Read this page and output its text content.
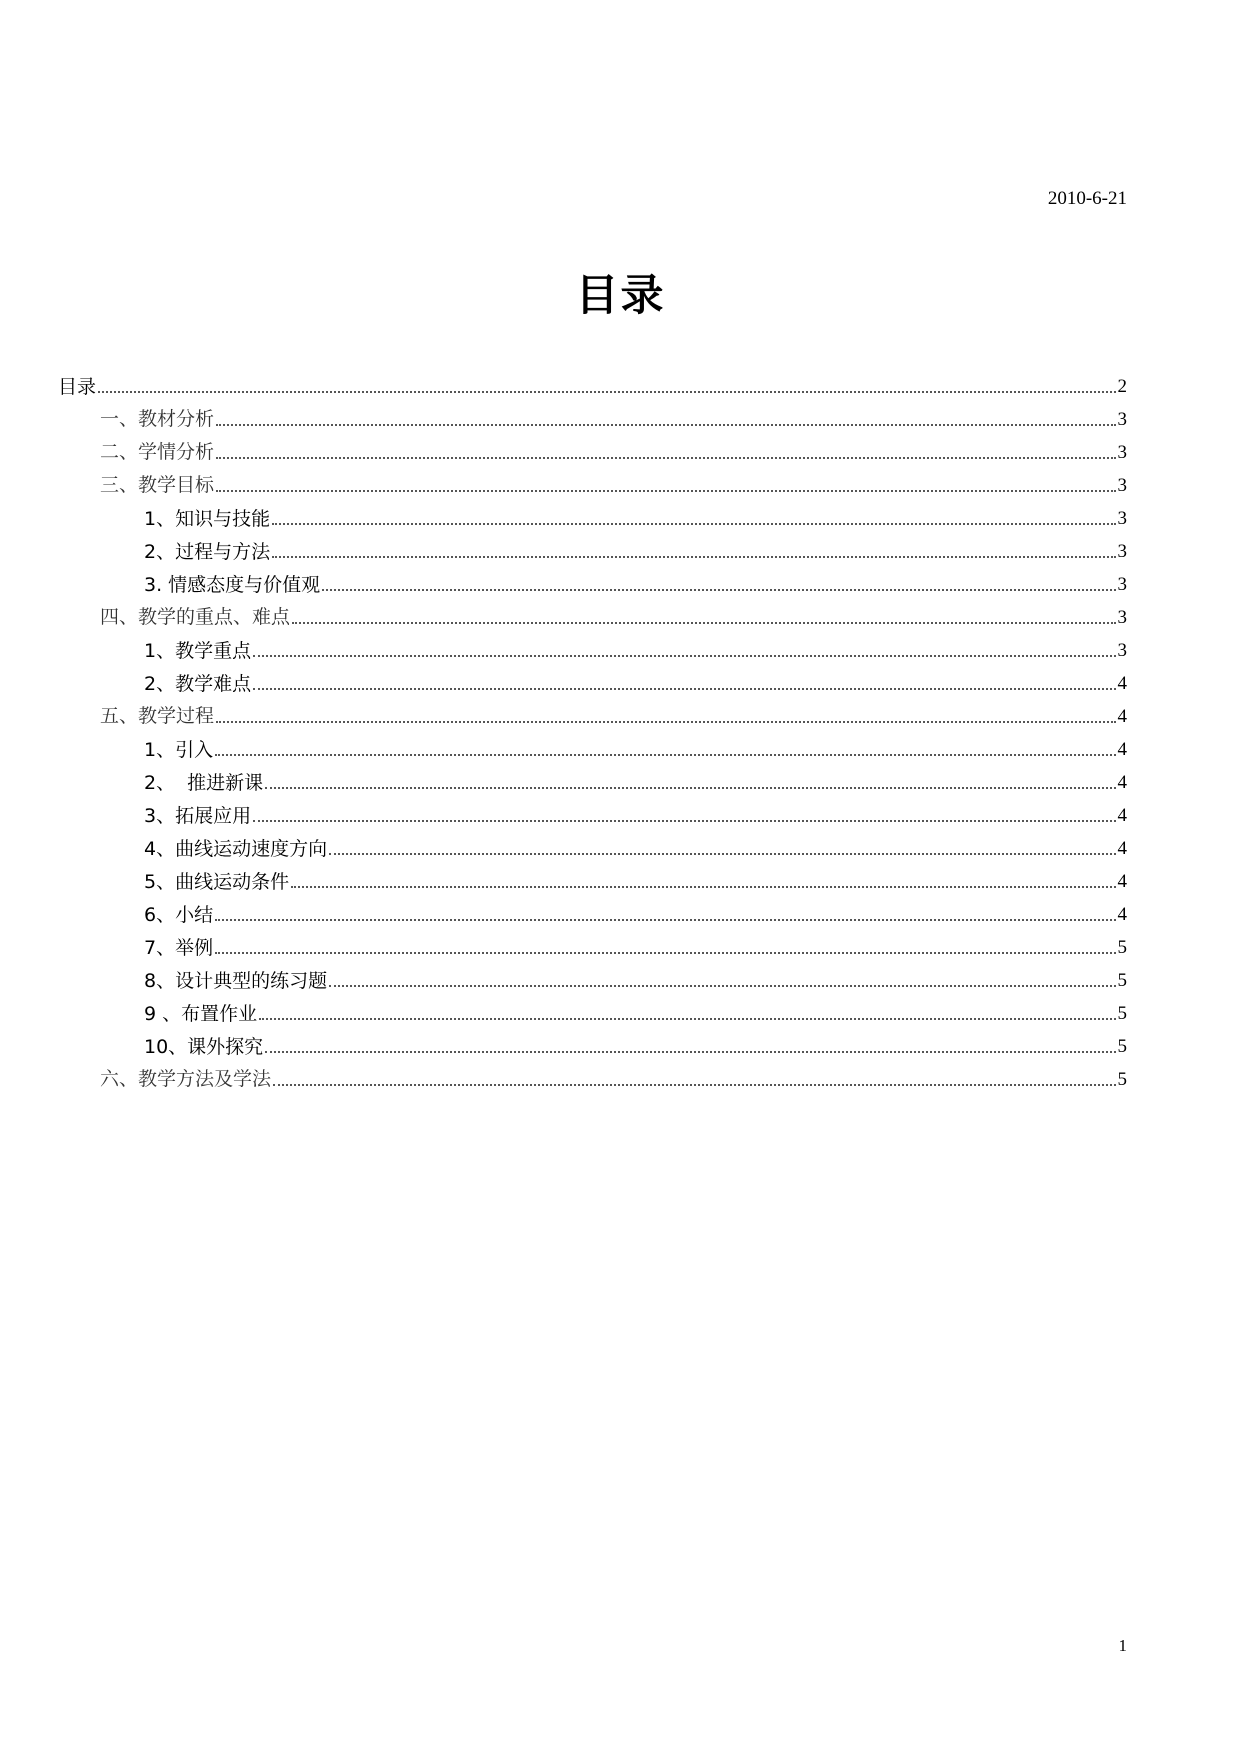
2010-6-21
目录
目录	2
一、教材分析	3
二、学情分析	3
三、教学目标	3
1、知识与技能	3
2、过程与方法	3
3. 情感态度与价值观	3
四、教学的重点、难点	3
1、教学重点	3
2、教学难点	4
五、教学过程	4
1、引入	4
2、  推进新课	4
3、拓展应用	4
4、曲线运动速度方向	4
5、曲线运动条件	4
6、小结	4
7、举例	5
8、设计典型的练习题	5
9 、布置作业	5
10、课外探究	5
六、教学方法及学法	5
1
